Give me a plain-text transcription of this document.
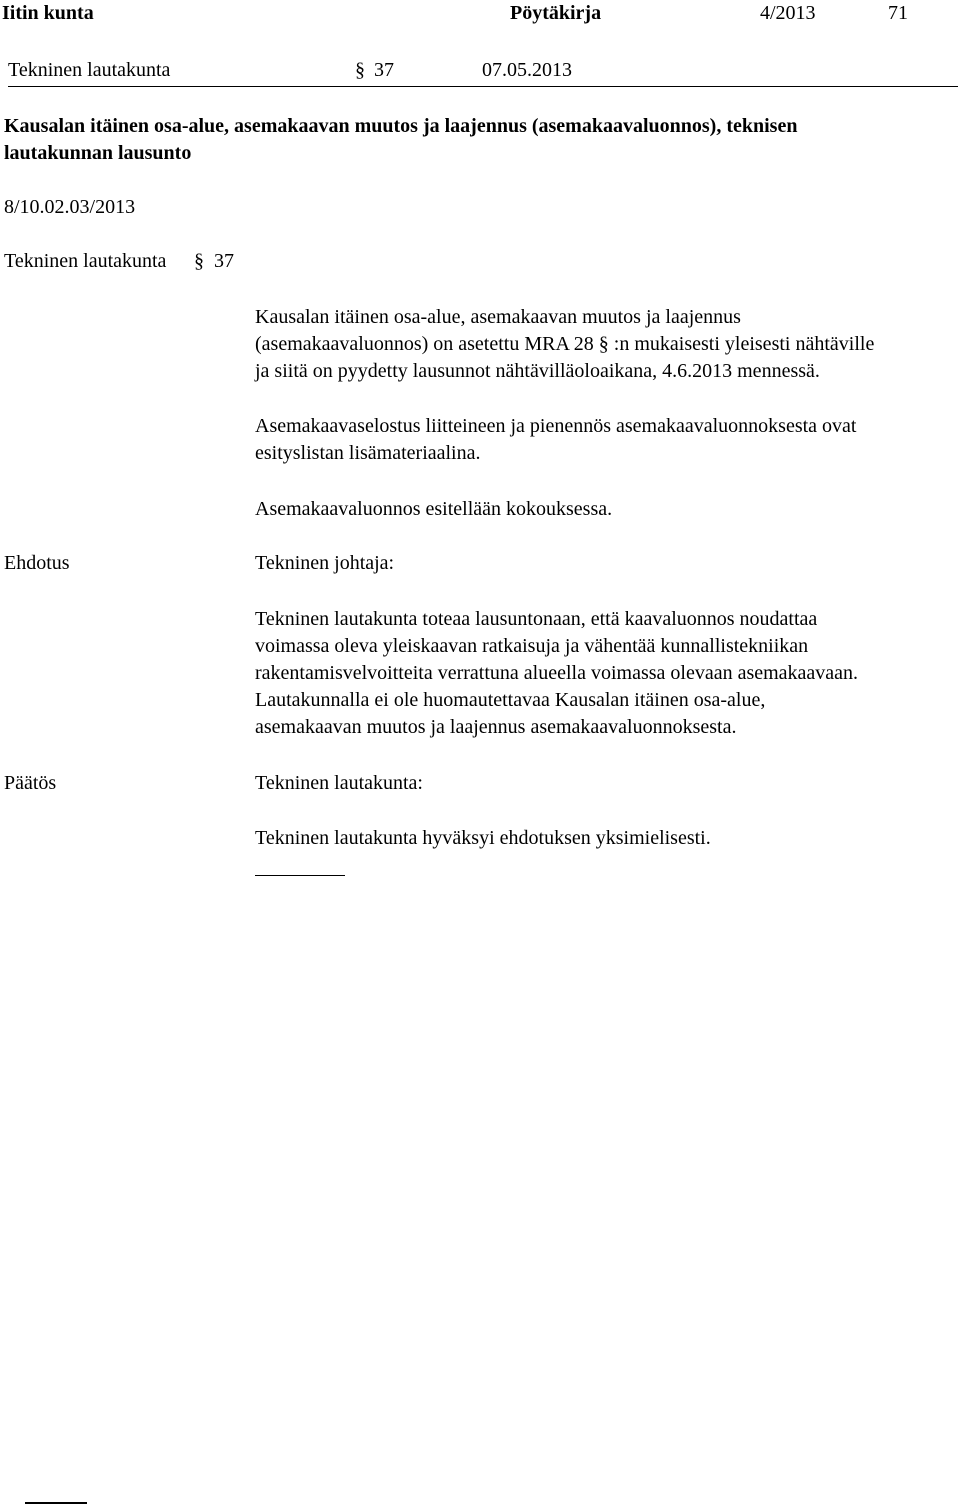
Iitin kunta	Pöytäkirja	4/2013	71
Tekninen lautakunta	§ 37	07.05.2013
Kausalan itäinen osa-alue, asemakaavan muutos ja laajennus (asemakaavaluonnos), teknisen
lautakunnan lausunto
8/10.02.03/2013
Tekninen lautakunta § 37
Kausalan itäinen osa-alue, asemakaavan muutos ja laajennus
(asemakaavaluonnos) on asetettu MRA 28 § :n mukaisesti yleisesti nähtäville
ja siitä on pyydetty lausunnot nähtävilläoloaikana, 4.6.2013 mennessä.
Asemakaavaselostus liitteineen ja pienennös asemakaavaluonnoksesta ovat
esityslistan lisämateriaalina.
Asemakaavaluonnos esitellään kokouksessa.
Ehdotus	Tekninen johtaja:
Tekninen lautakunta toteaa lausuntonaan, että kaavaluonnos noudattaa
voimassa oleva yleiskaavan ratkaisuja ja vähentää kunnallistekniikan
rakentamisvelvoitteita verrattuna alueella voimassa olevaan asemakaavaan.
Lautakunnalla ei ole huomautettavaa Kausalan itäinen osa-alue,
asemakaavan muutos ja laajennus asemakaavaluonnoksesta.
Päätös	Tekninen lautakunta:
Tekninen lautakunta hyväksyi ehdotuksen yksimielisesti.
